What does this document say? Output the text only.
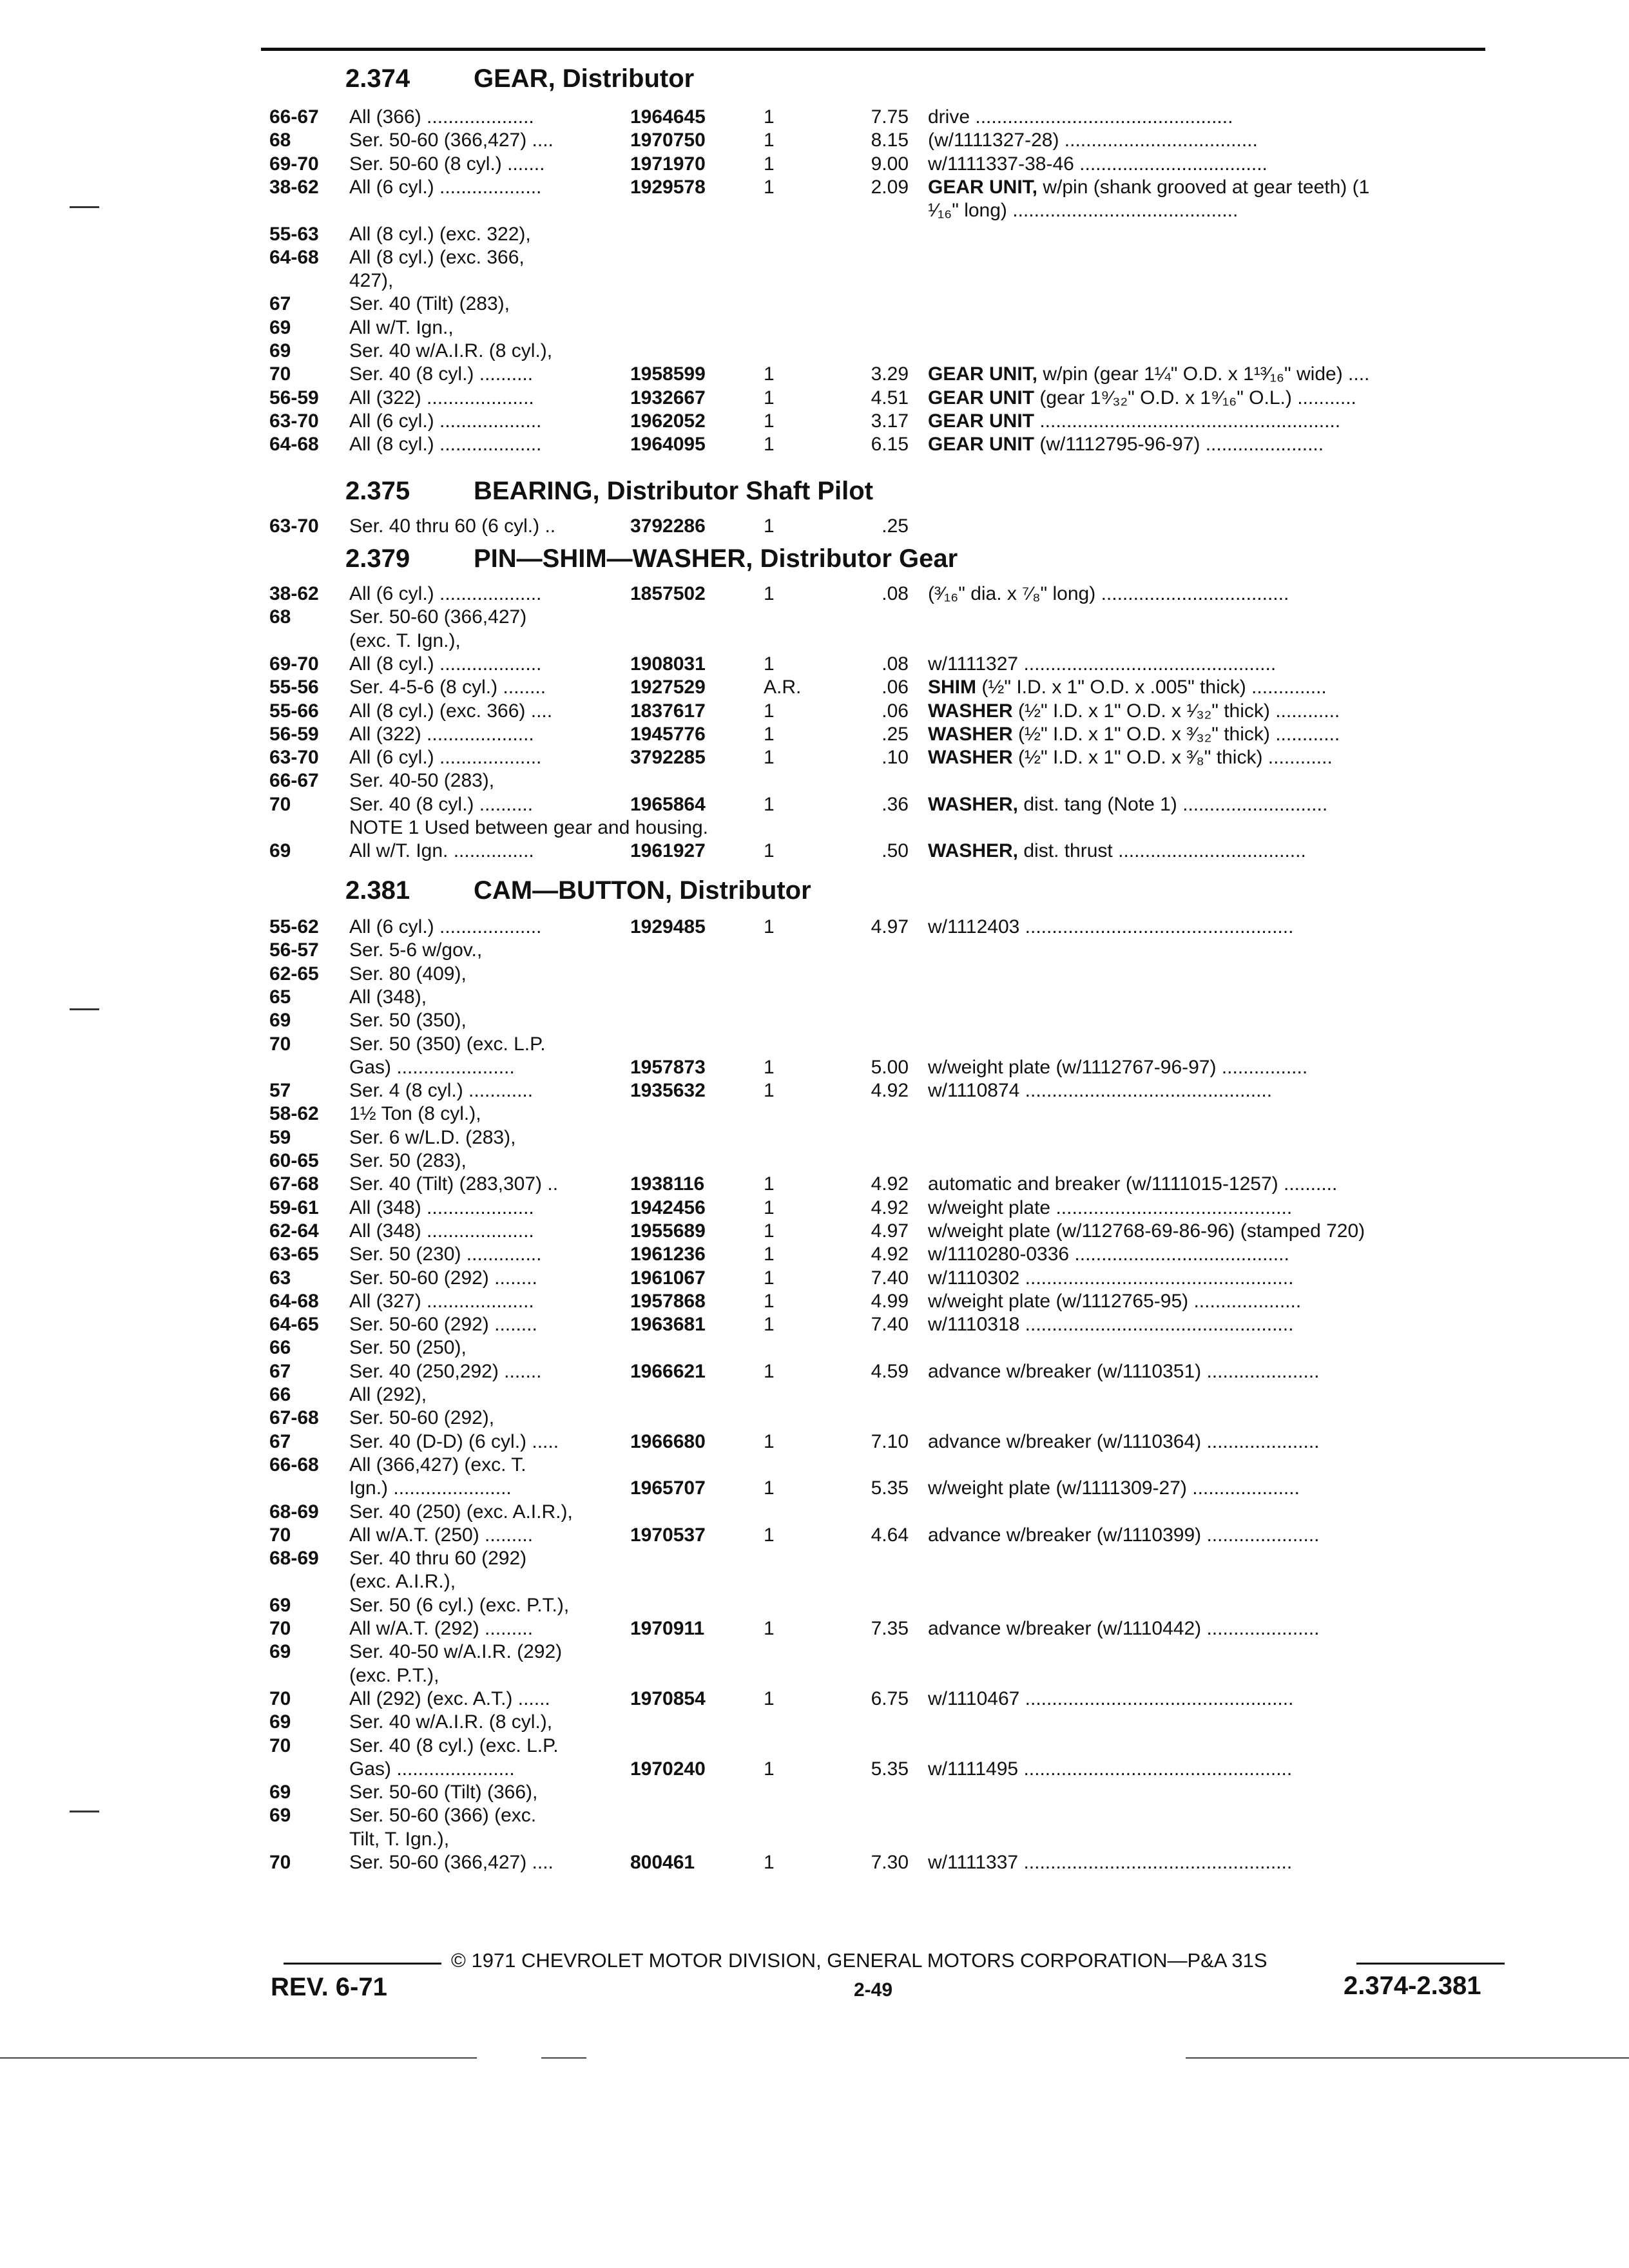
2.374 GEAR, Distributor
66-67 All (366) ....................	1964645	1	7.75 drive ................................................
68	Ser. 50-60 (366,427) ....	1970750	1	8.15 (w/1111327-28) ....................................
69-70 Ser. 50-60 (8 cyl.) .......	1971970	1	9.00 w/1111337-38-46 ...................................
38-62 All (6 cyl.) ...................	1929578	1	2.09 GEAR UNIT, w/pin (shank grooved at gear teeth) (1
¹⁄₁₆" long) ..........................................
55-63 All (8 cyl.) (exc. 322),
64-68 All (8 cyl.) (exc. 366,
427),
67	Ser. 40 (Tilt) (283),
69	All w/T. Ign.,
69	Ser. 40 w/A.I.R. (8 cyl.),
70	Ser. 40 (8 cyl.) ..........	1958599	1	3.29 GEAR UNIT, w/pin (gear 1¼" O.D. x 1¹³⁄₁₆" wide) ....
56-59 All (322) ....................	1932667	1	4.51 GEAR UNIT (gear 1⁹⁄₃₂" O.D. x 1⁹⁄₁₆" O.L.) ...........
63-70 All (6 cyl.) ...................	1962052	1	3.17 GEAR UNIT ........................................................
64-68 All (8 cyl.) ...................	1964095	1	6.15 GEAR UNIT (w/1112795-96-97) ......................
2.375 BEARING, Distributor Shaft Pilot
63-70 Ser. 40 thru 60 (6 cyl.) ..	3792286	1	.25
2.379 PIN—SHIM—WASHER, Distributor Gear
38-62 All (6 cyl.) ...................	1857502	1	.08 (³⁄₁₆" dia. x ⁷⁄₈" long) ...................................
68	Ser. 50-60 (366,427)
(exc. T. Ign.),
69-70 All (8 cyl.) ...................	1908031	1	.08 w/1111327 ...............................................
55-56 Ser. 4-5-6 (8 cyl.) ........	1927529	A.R.	.06 SHIM (½" I.D. x 1" O.D. x .005" thick) ..............
55-66 All (8 cyl.) (exc. 366) ....	1837617	1	.06 WASHER (½" I.D. x 1" O.D. x ¹⁄₃₂" thick) ............
56-59 All (322) ....................	1945776	1	.25 WASHER (½" I.D. x 1" O.D. x ³⁄₃₂" thick) ............
63-70 All (6 cyl.) ...................	3792285	1	.10 WASHER (½" I.D. x 1" O.D. x ³⁄₈" thick) ............
66-67 Ser. 40-50 (283),
70	Ser. 40 (8 cyl.) ..........	1965864	1	.36 WASHER, dist. tang (Note 1) ...........................
NOTE 1 Used between gear and housing.
69	All w/T. Ign. ...............	1961927	1	.50 WASHER, dist. thrust ...................................
2.381 CAM—BUTTON, Distributor
55-62 All (6 cyl.) ...................	1929485	1	4.97 w/1112403 ..................................................
56-57 Ser. 5-6 w/gov.,
62-65 Ser. 80 (409),
65	All (348),
69	Ser. 50 (350),
70	Ser. 50 (350) (exc. L.P.
Gas) ......................	1957873	1	5.00 w/weight plate (w/1112767-96-97) ................
57	Ser. 4 (8 cyl.) ............	1935632	1	4.92 w/1110874 ..............................................
58-62 1½ Ton (8 cyl.),
59	Ser. 6 w/L.D. (283),
60-65 Ser. 50 (283),
67-68 Ser. 40 (Tilt) (283,307) ..	1938116	1	4.92 automatic and breaker (w/1111015-1257) ..........
59-61 All (348) ....................	1942456	1	4.92 w/weight plate ............................................
62-64 All (348) ....................	1955689	1	4.97 w/weight plate (w/112768-69-86-96) (stamped 720)
63-65 Ser. 50 (230) ..............	1961236	1	4.92 w/1110280-0336 ........................................
63	Ser. 50-60 (292) ........	1961067	1	7.40 w/1110302 ..................................................
64-68 All (327) ....................	1957868	1	4.99 w/weight plate (w/1112765-95) ....................
64-65 Ser. 50-60 (292) ........	1963681	1	7.40 w/1110318 ..................................................
66	Ser. 50 (250),
67	Ser. 40 (250,292) .......	1966621	1	4.59 advance w/breaker (w/1110351) .....................
66	All (292),
67-68 Ser. 50-60 (292),
67	Ser. 40 (D-D) (6 cyl.) .....	1966680	1	7.10 advance w/breaker (w/1110364) .....................
66-68 All (366,427) (exc. T.
Ign.) ......................	1965707	1	5.35 w/weight plate (w/1111309-27) ....................
68-69 Ser. 40 (250) (exc. A.I.R.),
70	All w/A.T. (250) .........	1970537	1	4.64 advance w/breaker (w/1110399) .....................
68-69 Ser. 40 thru 60 (292)
(exc. A.I.R.),
69	Ser. 50 (6 cyl.) (exc. P.T.),
70	All w/A.T. (292) .........	1970911	1	7.35 advance w/breaker (w/1110442) .....................
69	Ser. 40-50 w/A.I.R. (292)
(exc. P.T.),
70	All (292) (exc. A.T.) ......	1970854	1	6.75 w/1110467 ..................................................
69	Ser. 40 w/A.I.R. (8 cyl.),
70	Ser. 40 (8 cyl.) (exc. L.P.
Gas) ......................	1970240	1	5.35 w/1111495 ..................................................
69	Ser. 50-60 (Tilt) (366),
69	Ser. 50-60 (366) (exc.
Tilt, T. Ign.),
70	Ser. 50-60 (366,427) ....	800461	1	7.30 w/1111337 ..................................................
© 1971 CHEVROLET MOTOR DIVISION, GENERAL MOTORS CORPORATION—P&A 31S
REV. 6-71	2-49	2.374-2.381
